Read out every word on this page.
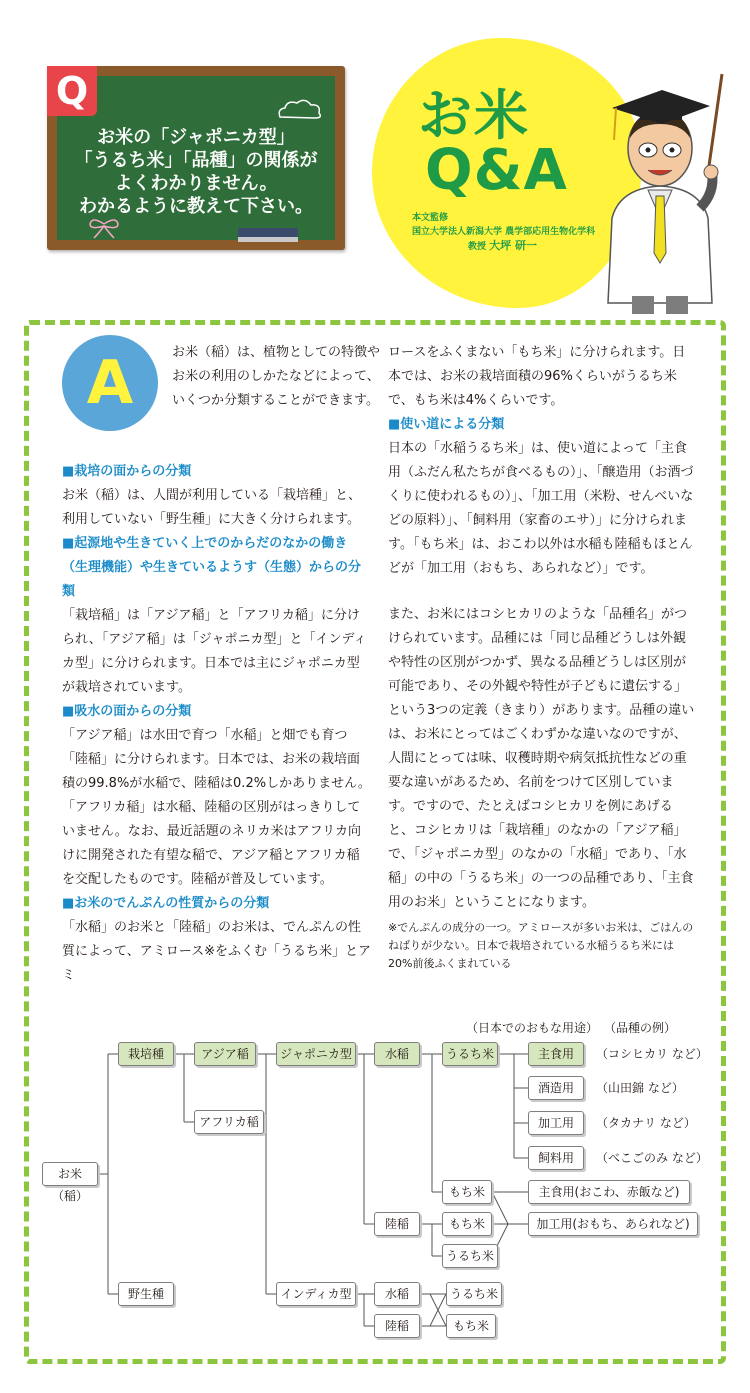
お米の「ジャポニカ型」
「うるち米」「品種」の関係が
よくわかりません。
わかるように教えて下さい。
Q	お米
Q&A
本文監修
国立大学法人新潟大学 農学部応用生物化学科
教授 大坪 研一
A	お米（稲）は、植物としての特徴やお米の利用のしかたなどによって、いくつか分類することができます。

■栽培の面からの分類

お米（稲）は、人間が利用している「栽培種」と、利用していない「野生種」に大きく分けられます。

■起源地や生きていく上でのからだのなかの働き（生理機能）や生きているようす（生態）からの分類

「栽培稲」は「アジア稲」と「アフリカ稲」に分けられ、「アジア稲」は「ジャポニカ型」と「インディカ型」に分けられます。日本では主にジャポニカ型が栽培されています。

■吸水の面からの分類

「アジア稲」は水田で育つ「水稲」と畑でも育つ「陸稲」に分けられます。日本では、お米の栽培面積の99.8%が水稲で、陸稲は0.2%しかありません。「アフリカ稲」は水稲、陸稲の区別がはっきりしていません。なお、最近話題のネリカ米はアフリカ向けに開発された有望な稲で、アジア稲とアフリカ稲を交配したものです。陸稲が普及しています。

■お米のでんぷんの性質からの分類

「水稲」のお米と「陸稲」のお米は、でんぷんの性質によって、アミロース※をふくむ「うるち米」とアミ

ロースをふくまない「もち米」に分けられます。日本では、お米の栽培面積の96%くらいがうるち米で、もち米は4%くらいです。

■使い道による分類

日本の「水稲うるち米」は、使い道によって「主食用（ふだん私たちが食べるもの）」、「醸造用（お酒づくりに使われるもの）」、「加工用（米粉、せんべいなどの原料）」、「飼料用（家畜のエサ）」に分けられます。「もち米」は、おこわ以外は水稲も陸稲もほとんどが「加工用（おもち、あられなど）」です。

また、お米にはコシヒカリのような「品種名」がつけられています。品種には「同じ品種どうしは外観や特性の区別がつかず、異なる品種どうしは区別が可能であり、その外観や特性が子どもに遺伝する」という3つの定義（きまり）があります。品種の違いは、お米にとってはごくわずかな違いなのですが、人間にとっては味、収穫時期や病気抵抗性などの重要な違いがあるため、名前をつけて区別しています。ですので、たとえばコシヒカリを例にあげると、コシヒカリは「栽培種」のなかの「アジア稲」で、「ジャポニカ型」のなかの「水稲」であり、「水稲」の中の「うるち米」の一つの品種であり、「主食用のお米」ということになります。

※でんぷんの成分の一つ。アミロースが多いお米は、ごはんのねばりが少ない。日本で栽培されている水稲うるち米には20%前後ふくまれている

（日本でのおもな用途） （品種の例）
お米（稲）
栽培種
野生種
アジア稲
アフリカ稲
ジャポニカ型
インディカ型
水稲
陸稲
うるち米
もち米
もち米
うるち米
水稲
陸稲
うるち米
もち米
主食用
酒造用
加工用
飼料用
主食用(おこわ、赤飯など)
加工用(おもち、あられなど)
（コシヒカリ など）
（山田錦 など）
（タカナリ など）
（べこごのみ など）
